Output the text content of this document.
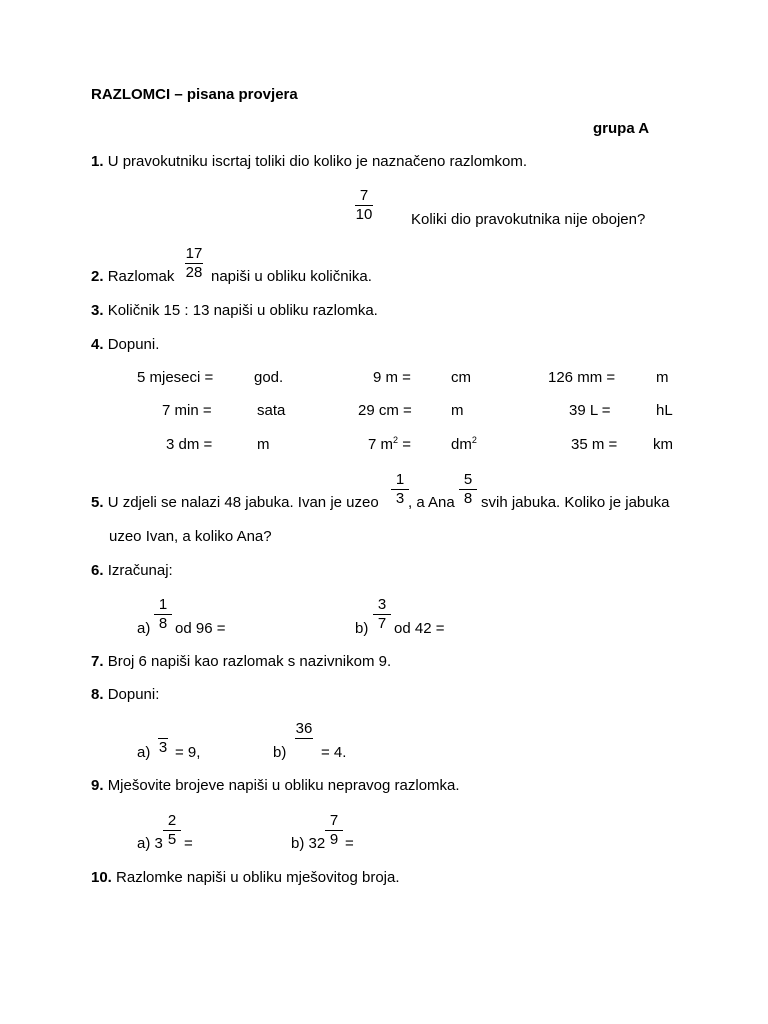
RAZLOMCI – pisana provjera
grupa A
1. U pravokutniku iscrtaj toliki dio koliko je naznačeno razlomkom.
7
10	Koliki dio pravokutnika nije obojen?
2. Razlomak
17
28 napiši u obliku količnika.
3. Količnik 15 : 13 napiši u obliku razlomka.
4. Dopuni.
5 mjeseci =	god.	9 m =	cm	126 mm =	m
7 min =	sata	29 cm =	m	39 L =	hL
3 dm =	m	7 $m^2$ =	$dm^2$	35 m = km
5. U zdjeli se nalazi 48 jabuka. Ivan je uzeo
1
3 , a Ana
5
8 svih jabuka. Koliko je jabuka
uzeo Ivan, a koliko Ana?
6. Izračunaj:
a)
1
8 od 96 =	b)
3
7 od 42 =
7. Broj 6 napiši kao razlomak s nazivnikom 9.
8. Dopuni:
a) 3 = 9,	b)
36
= 4.
9. Mješovite brojeve napiši u obliku nepravog razlomka.
a) 3
2
5 =	b) 32
7
9 =
10. Razlomke napiši u obliku mješovitog broja.
